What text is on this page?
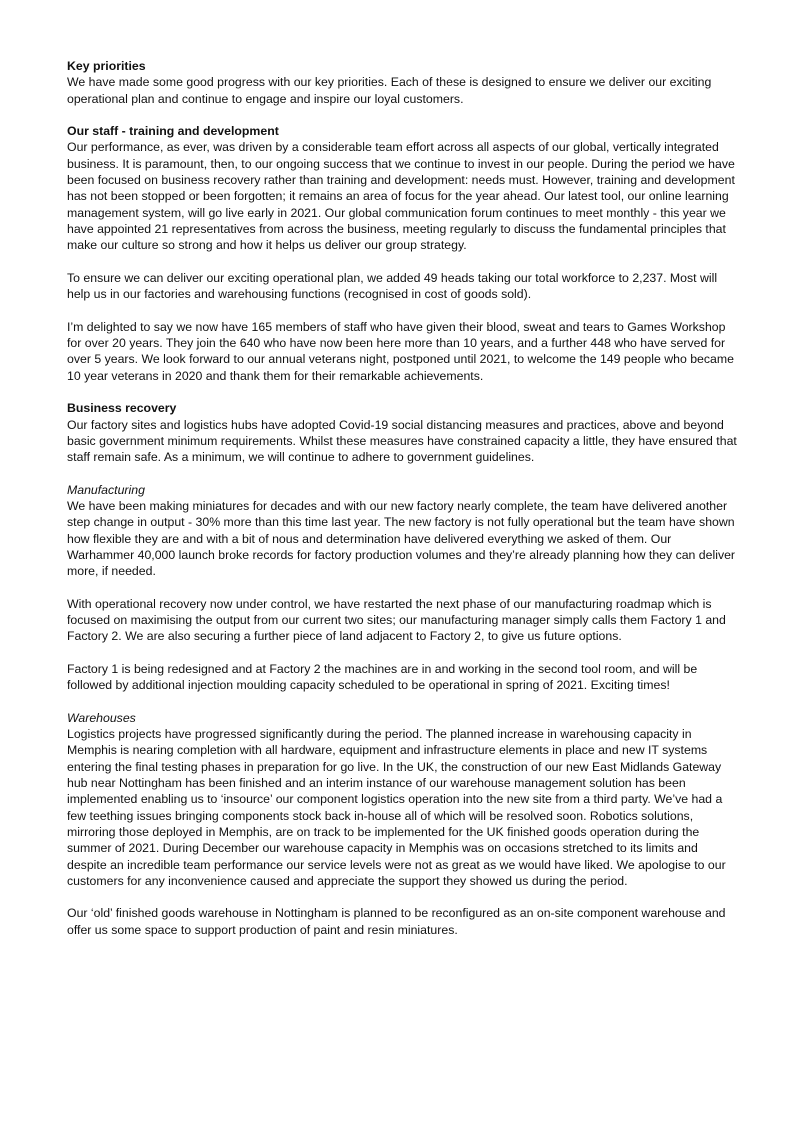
Key priorities

We have made some good progress with our key priorities. Each of these is designed to ensure we deliver our exciting operational plan and continue to engage and inspire our loyal customers.

Our staff - training and development

Our performance, as ever, was driven by a considerable team effort across all aspects of our global, vertically integrated business. It is paramount, then, to our ongoing success that we continue to invest in our people. During the period we have been focused on business recovery rather than training and development: needs must. However, training and development has not been stopped or been forgotten; it remains an area of focus for the year ahead. Our latest tool, our online learning management system, will go live early in 2021. Our global communication forum continues to meet monthly - this year we have appointed 21 representatives from across the business, meeting regularly to discuss the fundamental principles that make our culture so strong and how it helps us deliver our group strategy.

To ensure we can deliver our exciting operational plan, we added 49 heads taking our total workforce to 2,237. Most will help us in our factories and warehousing functions (recognised in cost of goods sold).

I’m delighted to say we now have 165 members of staff who have given their blood, sweat and tears to Games Workshop for over 20 years. They join the 640 who have now been here more than 10 years, and a further 448 who have served for over 5 years. We look forward to our annual veterans night, postponed until 2021, to welcome the 149 people who became 10 year veterans in 2020 and thank them for their remarkable achievements.

Business recovery

Our factory sites and logistics hubs have adopted Covid-19 social distancing measures and practices, above and beyond basic government minimum requirements. Whilst these measures have constrained capacity a little, they have ensured that staff remain safe. As a minimum, we will continue to adhere to government guidelines.

Manufacturing

We have been making miniatures for decades and with our new factory nearly complete, the team have delivered another step change in output - 30% more than this time last year. The new factory is not fully operational but the team have shown how flexible they are and with a bit of nous and determination have delivered everything we asked of them. Our Warhammer 40,000 launch broke records for factory production volumes and they’re already planning how they can deliver more, if needed.

With operational recovery now under control, we have restarted the next phase of our manufacturing roadmap which is focused on maximising the output from our current two sites; our manufacturing manager simply calls them Factory 1 and Factory 2. We are also securing a further piece of land adjacent to Factory 2, to give us future options.

Factory 1 is being redesigned and at Factory 2 the machines are in and working in the second tool room, and will be followed by additional injection moulding capacity scheduled to be operational in spring of 2021. Exciting times!

Warehouses

Logistics projects have progressed significantly during the period. The planned increase in warehousing capacity in Memphis is nearing completion with all hardware, equipment and infrastructure elements in place and new IT systems entering the final testing phases in preparation for go live. In the UK, the construction of our new East Midlands Gateway hub near Nottingham has been finished and an interim instance of our warehouse management solution has been implemented enabling us to ‘insource’ our component logistics operation into the new site from a third party. We’ve had a few teething issues bringing components stock back in-house all of which will be resolved soon. Robotics solutions, mirroring those deployed in Memphis, are on track to be implemented for the UK finished goods operation during the summer of 2021. During December our warehouse capacity in Memphis was on occasions stretched to its limits and despite an incredible team performance our service levels were not as great as we would have liked. We apologise to our customers for any inconvenience caused and appreciate the support they showed us during the period.

Our ‘old’ finished goods warehouse in Nottingham is planned to be reconfigured as an on-site component warehouse and offer us some space to support production of paint and resin miniatures.
